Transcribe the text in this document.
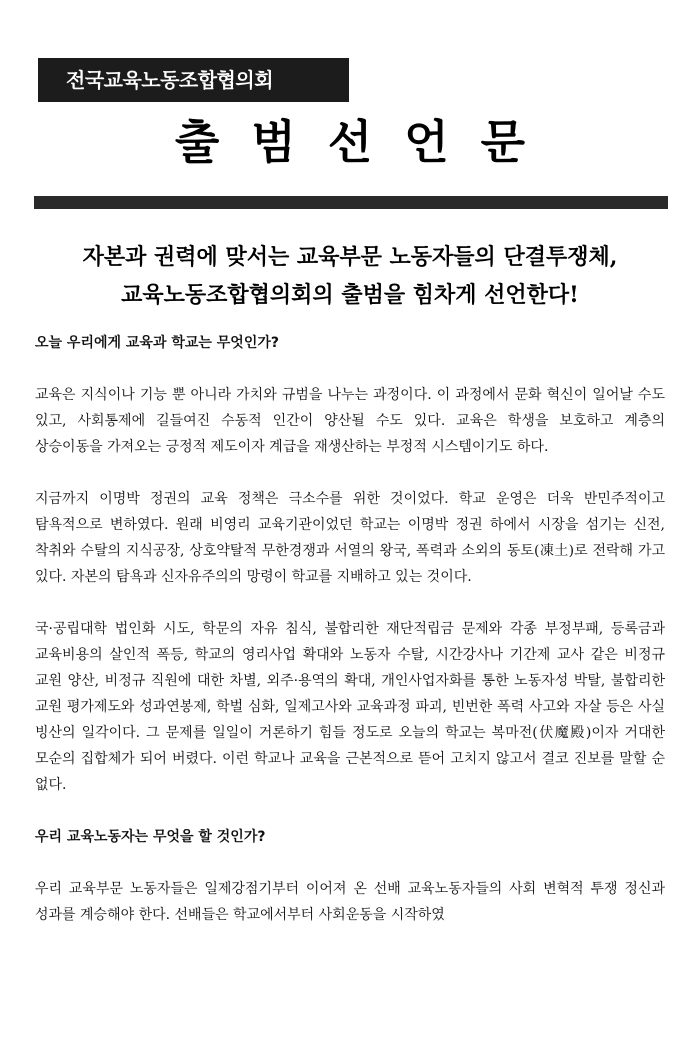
전국교육노동조합협의회
출범선언문
자본과 권력에 맞서는 교육부문 노동자들의 단결투쟁체,
교육노동조합협의회의 출범을 힘차게 선언한다!
오늘 우리에게 교육과 학교는 무엇인가?

교육은 지식이나 기능 뿐 아니라 가치와 규범을 나누는 과정이다. 이 과정에서 문화 혁신이 일어날 수도 있고, 사회통제에 길들여진 수동적 인간이 양산될 수도 있다. 교육은 학생을 보호하고 계층의 상승이동을 가져오는 긍정적 제도이자 계급을 재생산하는 부정적 시스템이기도 하다.

지금까지 이명박 정권의 교육 정책은 극소수를 위한 것이었다. 학교 운영은 더욱 반민주적이고 탐욕적으로 변하였다. 원래 비영리 교육기관이었던 학교는 이명박 정권 하에서 시장을 섬기는 신전, 착취와 수탈의 지식공장, 상호약탈적 무한경쟁과 서열의 왕국, 폭력과 소외의 동토(凍土)로 전락해 가고 있다. 자본의 탐욕과 신자유주의의 망령이 학교를 지배하고 있는 것이다.

국·공립대학 법인화 시도, 학문의 자유 침식, 불합리한 재단적립금 문제와 각종 부정부패, 등록금과 교육비용의 살인적 폭등, 학교의 영리사업 확대와 노동자 수탈, 시간강사나 기간제 교사 같은 비정규 교원 양산, 비정규 직원에 대한 차별, 외주·용역의 확대, 개인사업자화를 통한 노동자성 박탈, 불합리한 교원 평가제도와 성과연봉제, 학벌 심화, 일제고사와 교육과정 파괴, 빈번한 폭력 사고와 자살 등은 사실 빙산의 일각이다. 그 문제를 일일이 거론하기 힘들 정도로 오늘의 학교는 복마전(伏魔殿)이자 거대한 모순의 집합체가 되어 버렸다. 이런 학교나 교육을 근본적으로 뜯어 고치지 않고서 결코 진보를 말할 순 없다.

우리 교육노동자는 무엇을 할 것인가?

우리 교육부문 노동자들은 일제강점기부터 이어져 온 선배 교육노동자들의 사회 변혁적 투쟁 정신과 성과를 계승해야 한다. 선배들은 학교에서부터 사회운동을 시작하였
